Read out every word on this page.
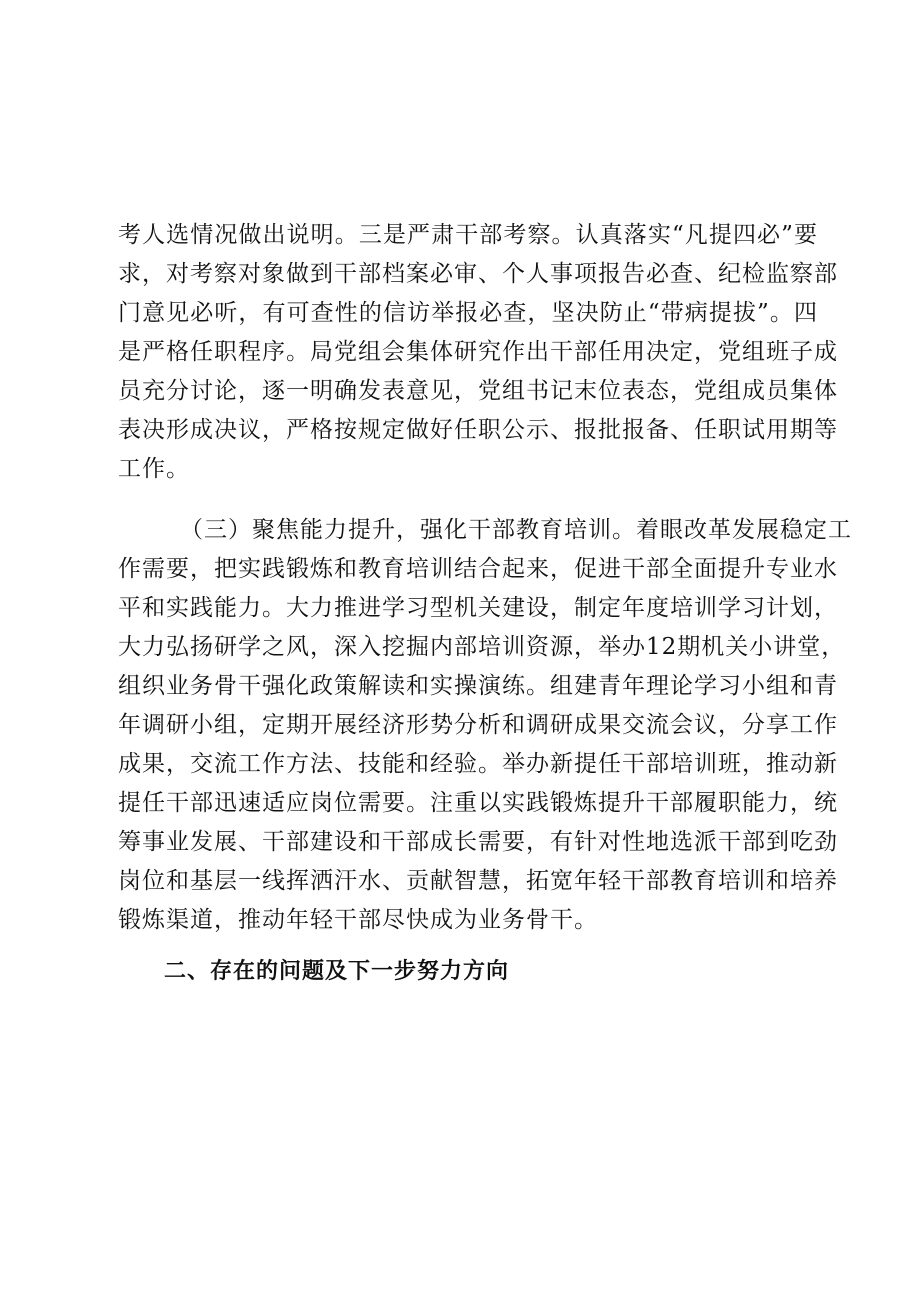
考人选情况做出说明。三是严肃干部考察。认真落实“凡提四必”要
求，对考察对象做到干部档案必审、个人事项报告必查、纪检监察部
门意见必听，有可查性的信访举报必查，坚决防止“带病提拔”。四
是严格任职程序。局党组会集体研究作出干部任用决定，党组班子成
员充分讨论，逐一明确发表意见，党组书记末位表态，党组成员集体
表决形成决议，严格按规定做好任职公示、报批报备、任职试用期等
工作。
（三）聚焦能力提升，强化干部教育培训。着眼改革发展稳定工
作需要，把实践锻炼和教育培训结合起来，促进干部全面提升专业水
平和实践能力。大力推进学习型机关建设，制定年度培训学习计划，
大力弘扬研学之风，深入挖掘内部培训资源，举办12期机关小讲堂，
组织业务骨干强化政策解读和实操演练。组建青年理论学习小组和青
年调研小组，定期开展经济形势分析和调研成果交流会议，分享工作
成果，交流工作方法、技能和经验。举办新提任干部培训班，推动新
提任干部迅速适应岗位需要。注重以实践锻炼提升干部履职能力，统
筹事业发展、干部建设和干部成长需要，有针对性地选派干部到吃劲
岗位和基层一线挥洒汗水、贡献智慧，拓宽年轻干部教育培训和培养
锻炼渠道，推动年轻干部尽快成为业务骨干。
二、存在的问题及下一步努力方向
